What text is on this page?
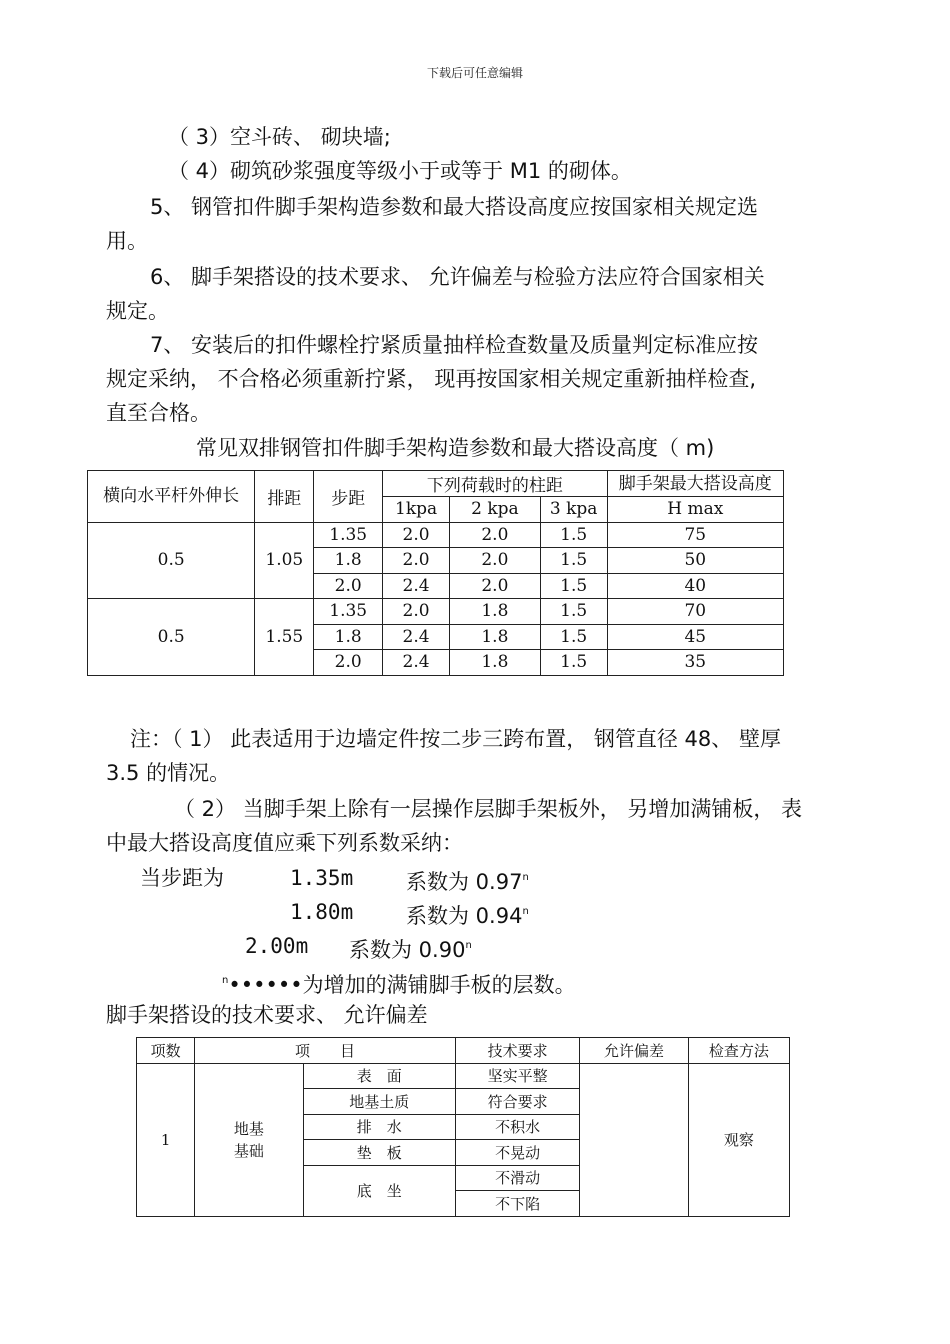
下载后可任意编辑
（ 3）空斗砖、 砌块墙;
（ 4）砌筑砂浆强度等级小于或等于 M1 的砌体。
5、 钢管扣件脚手架构造参数和最大搭设高度应按国家相关规定选
用。
6、 脚手架搭设的技术要求、 允许偏差与检验方法应符合国家相关
规定。
7、 安装后的扣件螺栓拧紧质量抽样检查数量及质量判定标准应按
规定采纳， 不合格必须重新拧紧， 现再按国家相关规定重新抽样检查,
直至合格。
常见双排钢管扣件脚手架构造参数和最大搭设高度（ m)
横向水平杆外伸长	排距	步距	下列荷载时的柱距			脚手架最大搭设高度
			1kpa	2 kpa	3 kpa	H max
0.5	1.05	1.35	2.0	2.0	1.5	75
		1.8	2.0	2.0	1.5	50
		2.0	2.4	2.0	1.5	40
0.5	1.55	1.35	2.0	1.8	1.5	70
		1.8	2.4	1.8	1.5	45
		2.0	2.4	1.8	1.5	35
注：（ 1） 此表适用于边墙定件按二步三跨布置， 钢管直径 48、 壁厚
3.5 的情况。
（ 2） 当脚手架上除有一层操作层脚手架板外， 另增加满铺板， 表
中最大搭设高度值应乘下列系数采纳：
当步距为	1.35m	系数为 0.97$^n$
1.80m	系数为 0.94$^n$
2.00m 系数为 0.90$^n$
$^n$••••••为增加的满铺脚手板的层数。
脚手架搭设的技术要求、 允许偏差
项数	项　　目		技术要求	允许偏差	检查方法
1	地基
基础	表　面	坚实平整		观察
		地基土质	符合要求		
		排　水	不积水		
		垫　板	不晃动		
		底　坐	不滑动		
			不下陷		
